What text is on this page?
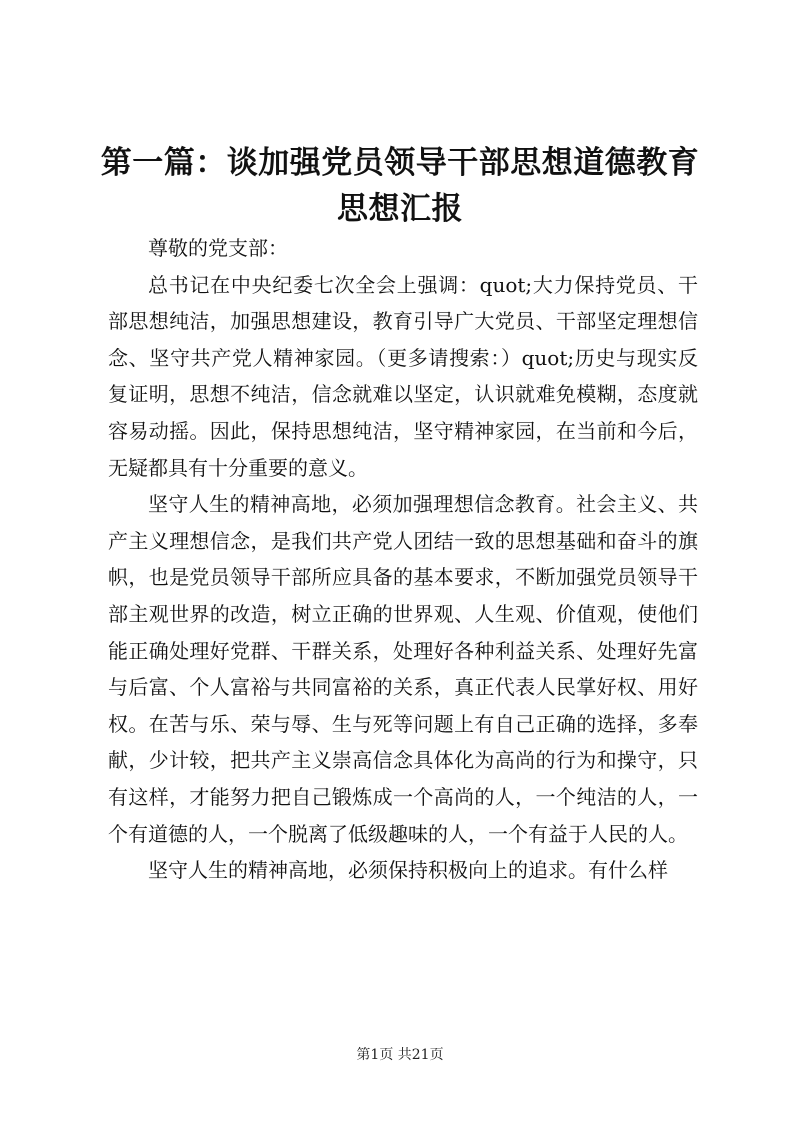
第一篇：谈加强党员领导干部思想道德教育思想汇报

尊敬的党支部：

总书记在中央纪委七次全会上强调：quot;大力保持党员、干部思想纯洁，加强思想建设，教育引导广大党员、干部坚定理想信念、坚守共产党人精神家园。（更多请搜索：）quot;历史与现实反复证明，思想不纯洁，信念就难以坚定，认识就难免模糊，态度就容易动摇。因此，保持思想纯洁，坚守精神家园，在当前和今后，无疑都具有十分重要的意义。

坚守人生的精神高地，必须加强理想信念教育。社会主义、共产主义理想信念，是我们共产党人团结一致的思想基础和奋斗的旗帜，也是党员领导干部所应具备的基本要求，不断加强党员领导干部主观世界的改造，树立正确的世界观、人生观、价值观，使他们能正确处理好党群、干群关系，处理好各种利益关系、处理好先富与后富、个人富裕与共同富裕的关系，真正代表人民掌好权、用好权。在苦与乐、荣与辱、生与死等问题上有自己正确的选择，多奉献，少计较，把共产主义崇高信念具体化为高尚的行为和操守，只有这样，才能努力把自己锻炼成一个高尚的人，一个纯洁的人，一个有道德的人，一个脱离了低级趣味的人，一个有益于人民的人。

坚守人生的精神高地，必须保持积极向上的追求。有什么样

第1页 共21页
